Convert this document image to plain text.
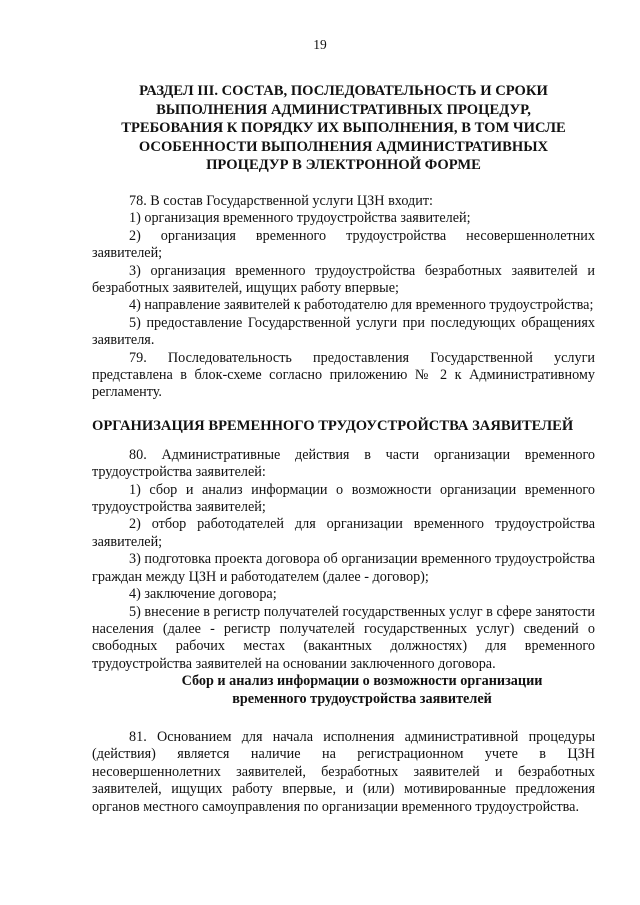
19
РАЗДЕЛ III. СОСТАВ, ПОСЛЕДОВАТЕЛЬНОСТЬ И СРОКИ
ВЫПОЛНЕНИЯ АДМИНИСТРАТИВНЫХ ПРОЦЕДУР,
ТРЕБОВАНИЯ К ПОРЯДКУ ИХ ВЫПОЛНЕНИЯ, В ТОМ ЧИСЛЕ
ОСОБЕННОСТИ ВЫПОЛНЕНИЯ АДМИНИСТРАТИВНЫХ
ПРОЦЕДУР В ЭЛЕКТРОННОЙ ФОРМЕ

78. В состав Государственной услуги ЦЗН входит:

1) организация временного трудоустройства заявителей;

2) организация временного трудоустройства несовершеннолетних заявителей;

3) организация временного трудоустройства безработных заявителей и безработных заявителей, ищущих работу впервые;

4) направление заявителей к работодателю для временного трудоустройства;

5) предоставление Государственной услуги при последующих обращениях заявителя.

79. Последовательность предоставления Государственной услуги представлена в блок-схеме согласно приложению № 2 к Административному регламенту.

ОРГАНИЗАЦИЯ ВРЕМЕННОГО ТРУДОУСТРОЙСТВА ЗАЯВИТЕЛЕЙ

80. Административные действия в части организации временного трудоустройства заявителей:

1) сбор и анализ информации о возможности организации временного трудоустройства заявителей;

2) отбор работодателей для организации временного трудоустройства заявителей;

3) подготовка проекта договора об организации временного трудоустройства граждан между ЦЗН и работодателем (далее - договор);

4) заключение договора;

5) внесение в регистр получателей государственных услуг в сфере занятости населения (далее - регистр получателей государственных услуг) сведений о свободных рабочих местах (вакантных должностях) для временного трудоустройства заявителей на основании заключенного договора.

Сбор и анализ информации о возможности организации
временного трудоустройства заявителей

81. Основанием для начала исполнения административной процедуры (действия) является наличие на регистрационном учете в ЦЗН несовершеннолетних заявителей, безработных заявителей и безработных заявителей, ищущих работу впервые, и (или) мотивированные предложения органов местного самоуправления по организации временного трудоустройства.
